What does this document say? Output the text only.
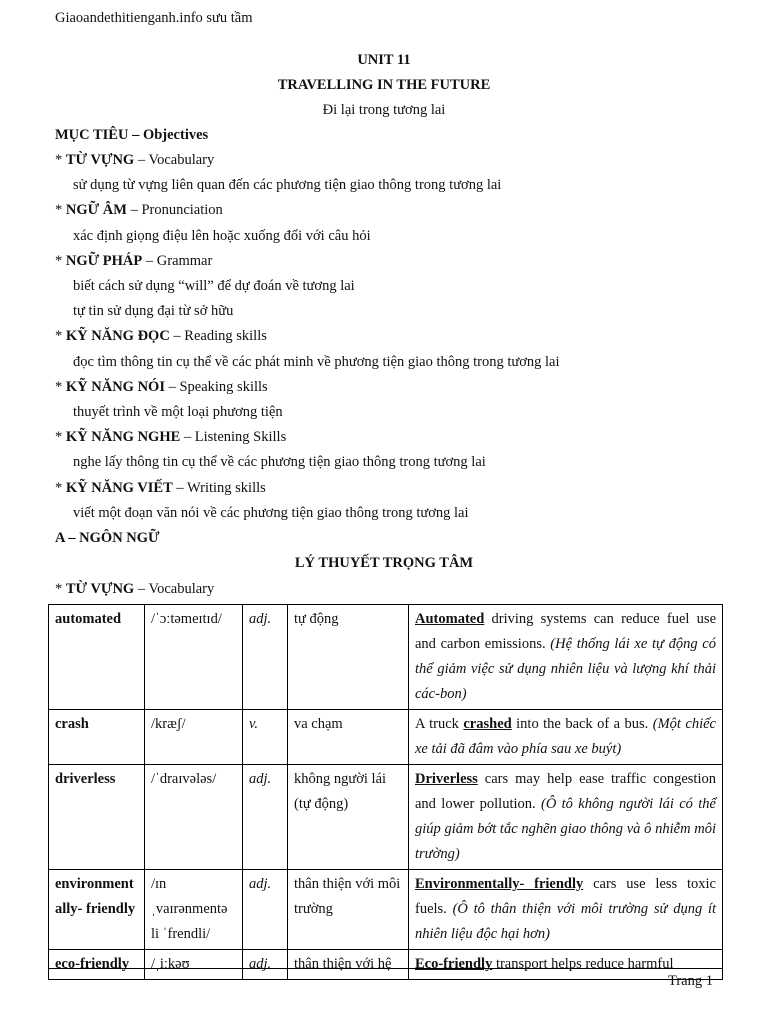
Giaoandethitienganh.info sưu tầm
UNIT 11
TRAVELLING IN THE FUTURE
Đi lại trong tương lai
MỤC TIÊU – Objectives
* TỪ VỰNG – Vocabulary
sử dụng từ vựng liên quan đến các phương tiện giao thông trong tương lai
* NGỮ ÂM – Pronunciation
xác định giọng điệu lên hoặc xuống đối với câu hỏi
* NGỮ PHÁP – Grammar
biết cách sử dụng “will” để dự đoán về tương lai
tự tin sử dụng đại từ sở hữu
* KỸ NĂNG ĐỌC – Reading skills
đọc tìm thông tin cụ thể về các phát minh về phương tiện giao thông trong tương lai
* KỸ NĂNG NÓI – Speaking skills
thuyết trình về một loại phương tiện
* KỸ NĂNG NGHE – Listening Skills
nghe lấy thông tin cụ thể về các phương tiện giao thông trong tương lai
* KỸ NĂNG VIẾT – Writing skills
viết một đoạn văn nói về các phương tiện giao thông trong tương lai
A – NGÔN NGỮ
LÝ THUYẾT TRỌNG TÂM
* TỪ VỰNG – Vocabulary
automated	/ˈɔːtəmeɪtɪd/	adj.	tự động	Automated driving systems can reduce fuel use and carbon emissions. (Hệ thống lái xe tự động có thể giảm việc sử dụng nhiên liệu và lượng khí thải các-bon)
crash	/kræʃ/	v.	va chạm	A truck crashed into the back of a bus. (Một chiếc xe tải đã đâm vào phía sau xe buýt)
driverless	/ˈdraɪvələs/	adj.	không người lái (tự động)	Driverless cars may help ease traffic congestion and lower pollution. (Ô tô không người lái có thể giúp giảm bớt tắc nghẽn giao thông và ô nhiễm môi trường)
environment ally- friendly	/ɪn ˌvaɪrənmentə li ˈfrendli/	adj.	thân thiện với môi trường	Environmentally- friendly cars use less toxic fuels. (Ô tô thân thiện với môi trường sử dụng ít nhiên liệu độc hại hơn)
eco-friendly	/ˌiːkəʊ	adj.	thân thiện với hệ	Eco-friendly transport helps reduce harmful
Trang 1
